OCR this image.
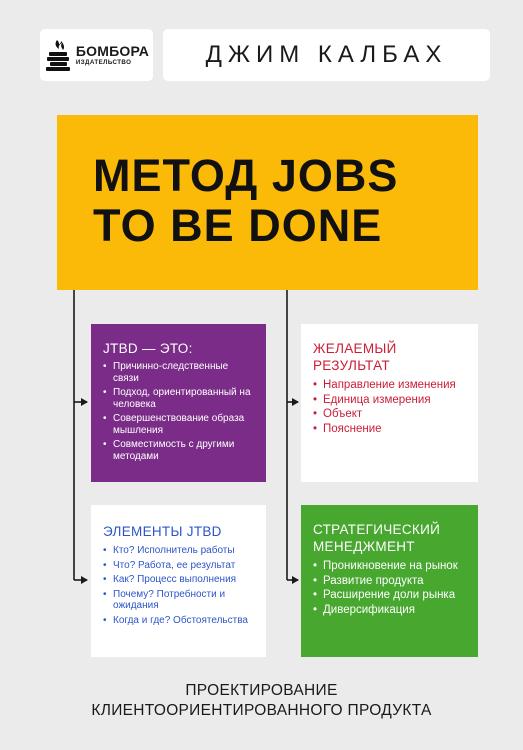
БОМБОРА
ИЗДАТЕЛЬСТВО	ДЖИМ КАЛБАХ
МЕТОД JOBS
TO BE DONE
JTBD — ЭТО:
• Причинно-следственные связи
• Подход, ориентированный на человека
• Совершенствование образа мышления
• Совместимость с другими методами
ЖЕЛАЕМЫЙ РЕЗУЛЬТАТ
• Направление изменения
• Единица измерения
• Объект
• Пояснение
ЭЛЕМЕНТЫ JTBD
• Кто? Исполнитель работы
• Что? Работа, ее результат
• Как? Процесс выполнения
• Почему? Потребности и ожидания
• Когда и где? Обстоятельства
СТРАТЕГИЧЕСКИЙ МЕНЕДЖМЕНТ
• Проникновение на рынок
• Развитие продукта
• Расширение доли рынка
• Диверсификация
ПРОЕКТИРОВАНИЕ
КЛИЕНТООРИЕНТИРОВАННОГО ПРОДУКТА
